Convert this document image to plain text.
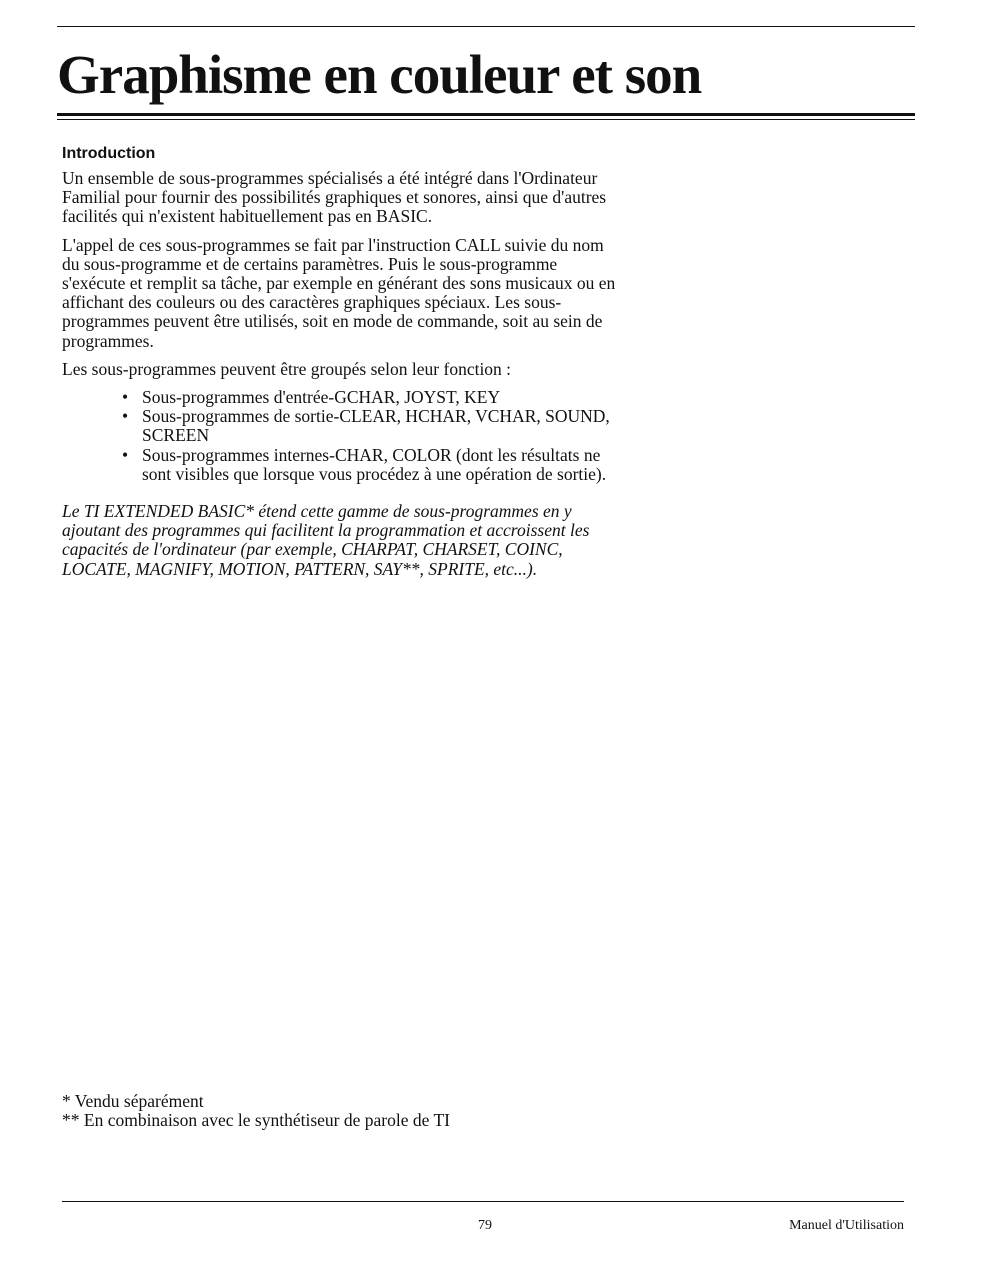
Graphisme en couleur et son
Introduction

Un ensemble de sous-programmes spécialisés a été intégré dans l'Ordinateur Familial pour fournir des possibilités graphiques et sonores, ainsi que d'autres facilités qui n'existent habituellement pas en BASIC.

L'appel de ces sous-programmes se fait par l'instruction CALL suivie du nom du sous-programme et de certains paramètres. Puis le sous-programme s'exécute et remplit sa tâche, par exemple en générant des sons musicaux ou en affichant des couleurs ou des caractères graphiques spéciaux. Les sous-programmes peuvent être utilisés, soit en mode de commande, soit au sein de programmes.

Les sous-programmes peuvent être groupés selon leur fonction :

• Sous-programmes d'entrée-GCHAR, JOYST, KEY
• Sous-programmes de sortie-CLEAR, HCHAR, VCHAR, SOUND, SCREEN
• Sous-programmes internes-CHAR, COLOR (dont les résultats ne sont visibles que lorsque vous procédez à une opération de sortie).

Le TI EXTENDED BASIC* étend cette gamme de sous-programmes en y ajoutant des programmes qui facilitent la programmation et accroissent les capacités de l'ordinateur (par exemple, CHARPAT, CHARSET, COINC, LOCATE, MAGNIFY, MOTION, PATTERN, SAY**, SPRITE, etc...).

* Vendu séparément
** En combinaison avec le synthétiseur de parole de TI
79	Manuel d'Utilisation
